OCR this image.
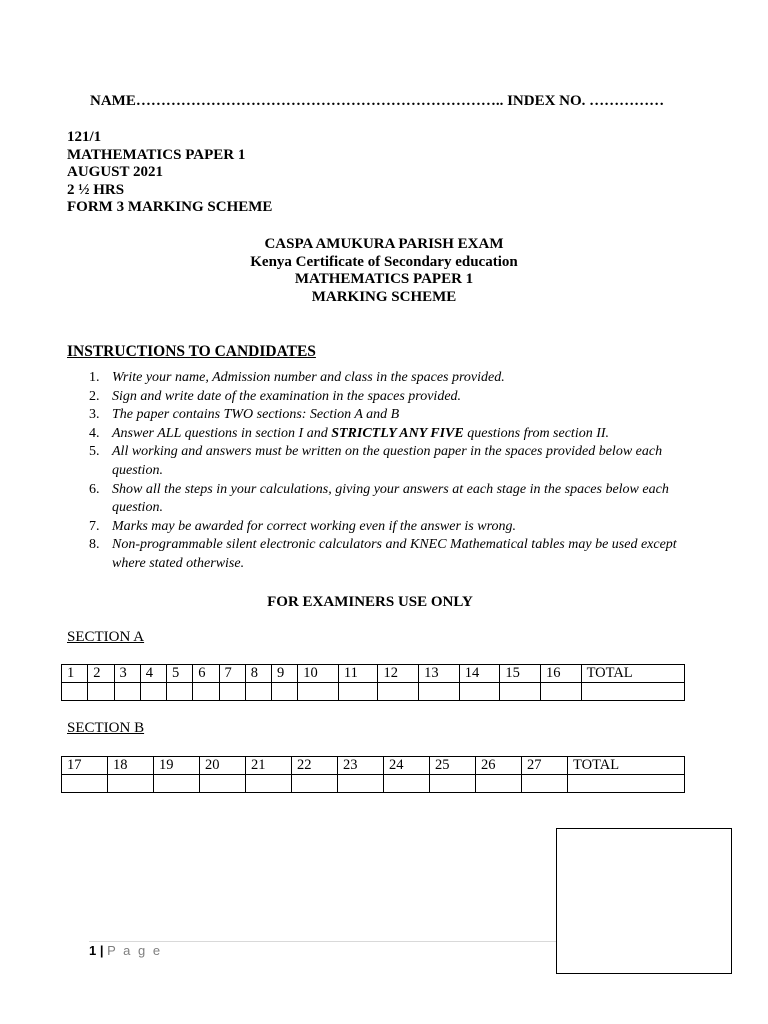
NAME……………………………………………………………….. INDEX NO. ……………
121/1
MATHEMATICS PAPER 1
AUGUST 2021
2 ½ HRS
FORM 3 MARKING SCHEME
CASPA AMUKURA PARISH EXAM
Kenya Certificate of Secondary education
MATHEMATICS PAPER 1
MARKING SCHEME
INSTRUCTIONS TO CANDIDATES
1. Write your name, Admission number and class in the spaces provided.
2. Sign and write date of the examination in the spaces provided.
3. The paper contains TWO sections: Section A and B
4. Answer ALL questions in section I and STRICTLY ANY FIVE questions from section II.
5. All working and answers must be written on the question paper in the spaces provided below each question.
6. Show all the steps in your calculations, giving your answers at each stage in the spaces below each question.
7. Marks may be awarded for correct working even if the answer is wrong.
8. Non-programmable silent electronic calculators and KNEC Mathematical tables may be used except where stated otherwise.
FOR EXAMINERS USE ONLY
SECTION A
1	2	3	4	5	6	7	8	9	10	11	12	13	14	15	16	TOTAL

SECTION B
17	18	19	20	21	22	23	24	25	26	27	TOTAL

1 | P a g e
